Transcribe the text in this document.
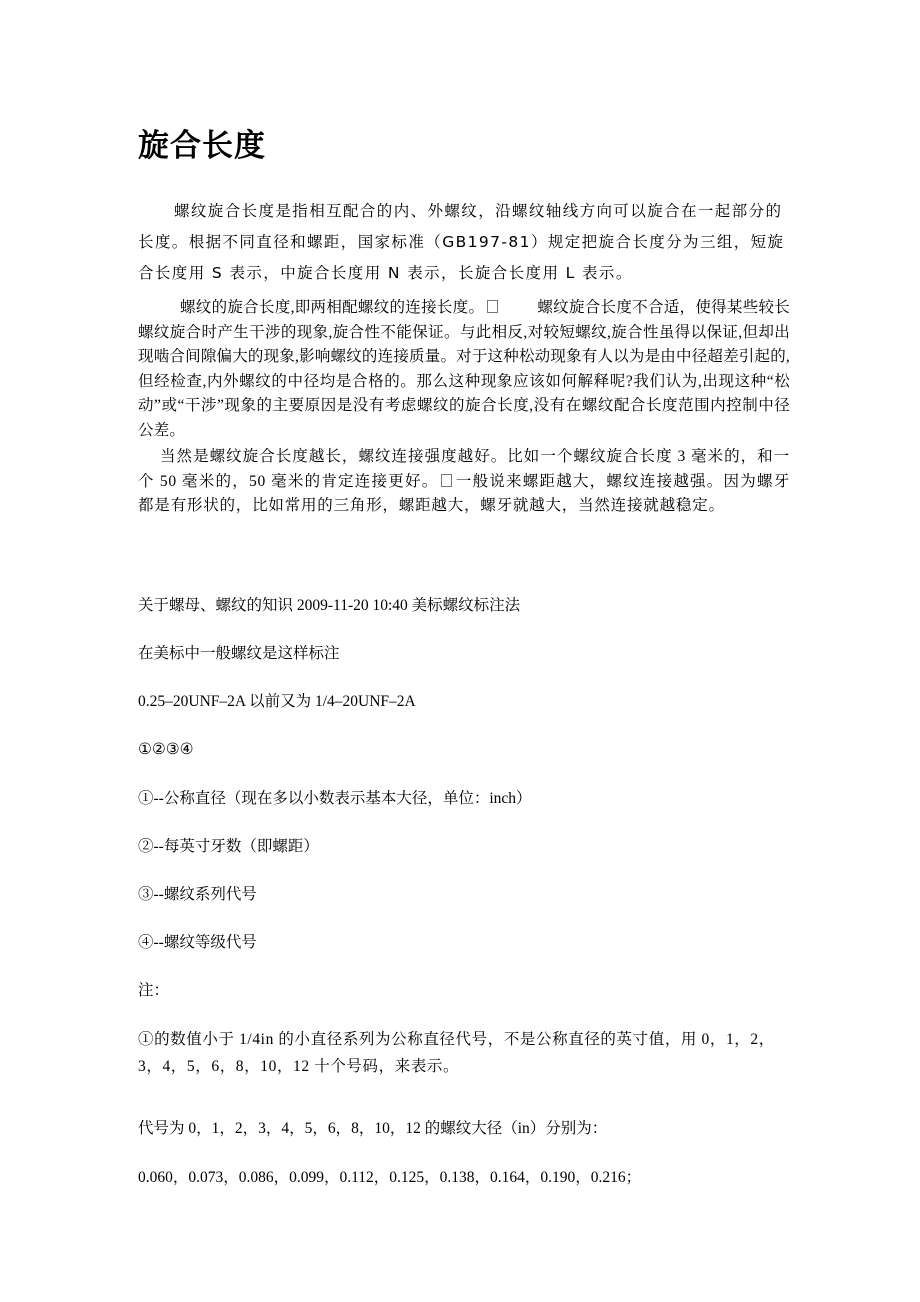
旋合长度

螺纹旋合长度是指相互配合的内、外螺纹，沿螺纹轴线方向可以旋合在一起部分的长度。根据不同直径和螺距，国家标准（GB197-81）规定把旋合长度分为三组，短旋合长度用 S 表示，中旋合长度用 N 表示，长旋合长度用 L 表示。

螺纹的旋合长度,即两相配螺纹的连接长度。	螺纹旋合长度不合适，使得某些较长螺纹旋合时产生干涉的现象,旋合性不能保证。与此相反,对较短螺纹,旋合性虽得以保证,但却出现啮合间隙偏大的现象,影响螺纹的连接质量。对于这种松动现象有人以为是由中径超差引起的,但经检查,内外螺纹的中径均是合格的。那么这种现象应该如何解释呢?我们认为,出现这种“松动”或“干涉”现象的主要原因是没有考虑螺纹的旋合长度,没有在螺纹配合长度范围内控制中径公差。

当然是螺纹旋合长度越长，螺纹连接强度越好。比如一个螺纹旋合长度 3 毫米的，和一个 50 毫米的，50 毫米的肯定连接更好。 一般说来螺距越大，螺纹连接越强。因为螺牙都是有形状的，比如常用的三角形，螺距越大，螺牙就越大，当然连接就越稳定。

关于螺母、螺纹的知识 2009-11-20 10:40 美标螺纹标注法

在美标中一般螺纹是这样标注

0.25–20UNF–2A 以前又为 1/4–20UNF–2A

①②③④

①--公称直径（现在多以小数表示基本大径，单位：inch）

②--每英寸牙数（即螺距）

③--螺纹系列代号

④--螺纹等级代号

注：

①的数值小于 1/4in 的小直径系列为公称直径代号，不是公称直径的英寸值，用 0，1，2，3，4，5，6，8，10，12 十个号码，来表示。

代号为 0，1，2，3，4，5，6，8，10，12 的螺纹大径（in）分别为：

0.060，0.073，0.086，0.099，0.112，0.125，0.138，0.164，0.190，0.216；
